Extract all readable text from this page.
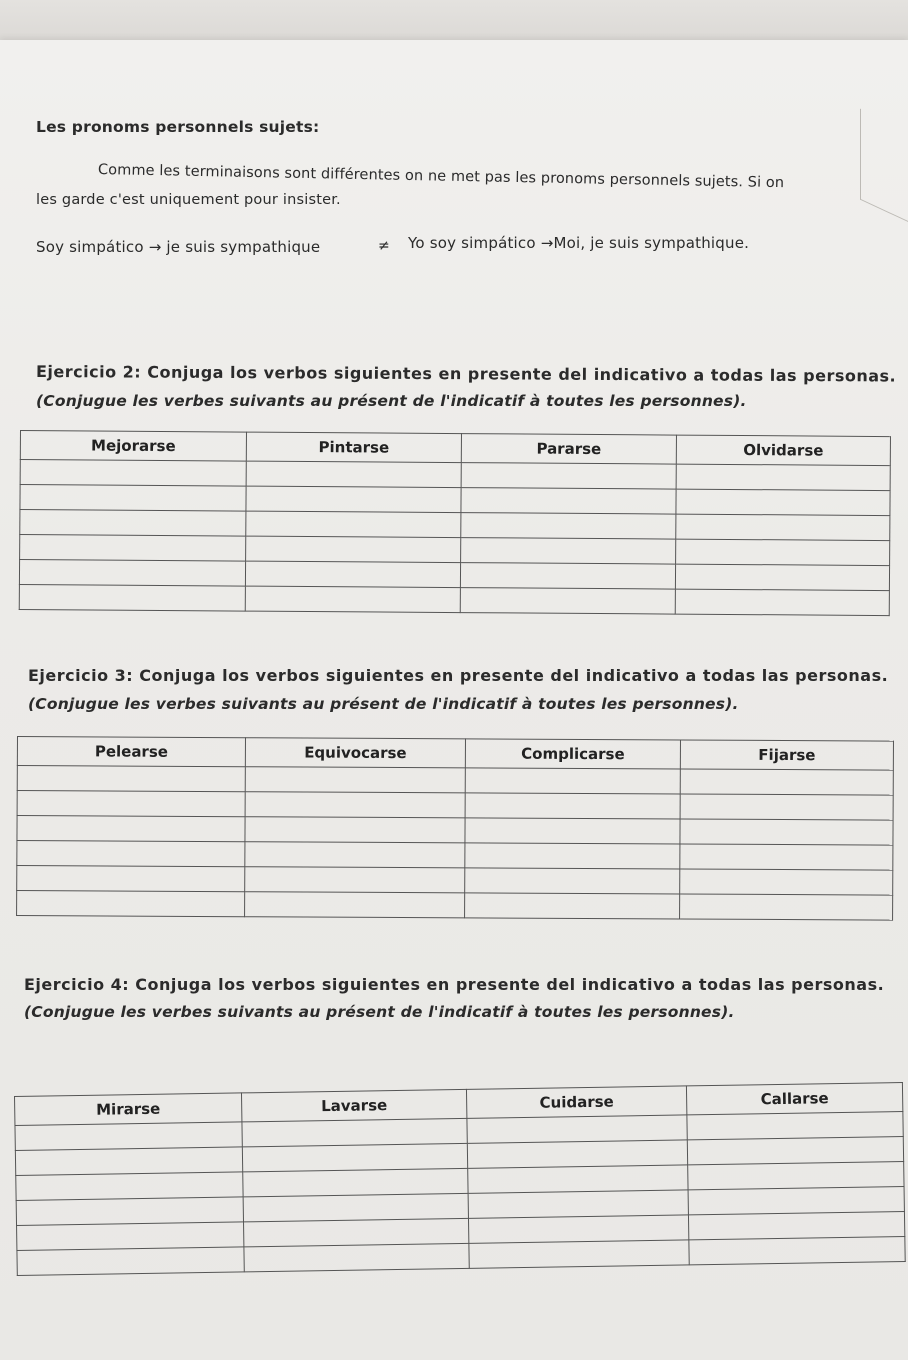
Les pronoms personnels sujets:
Comme les terminaisons sont différentes on ne met pas les pronoms personnels sujets. Si on
les garde c'est uniquement pour insister.
Soy simpático → je suis sympathique	≠ Yo soy simpático →Moi, je suis sympathique.
Ejercicio 2: Conjuga los verbos siguientes en presente del indicativo a todas las personas.
(Conjugue les verbes suivants au présent de l'indicatif à toutes les personnes).
Mejorarse	Pintarse	Pararse	Olvidarse

Ejercicio 3: Conjuga los verbos siguientes en presente del indicativo a todas las personas.
(Conjugue les verbes suivants au présent de l'indicatif à toutes les personnes).
Pelearse	Equivocarse	Complicarse	Fijarse

Ejercicio 4: Conjuga los verbos siguientes en presente del indicativo a todas las personas.
(Conjugue les verbes suivants au présent de l'indicatif à toutes les personnes).
Mirarse	Lavarse	Cuidarse	Callarse
